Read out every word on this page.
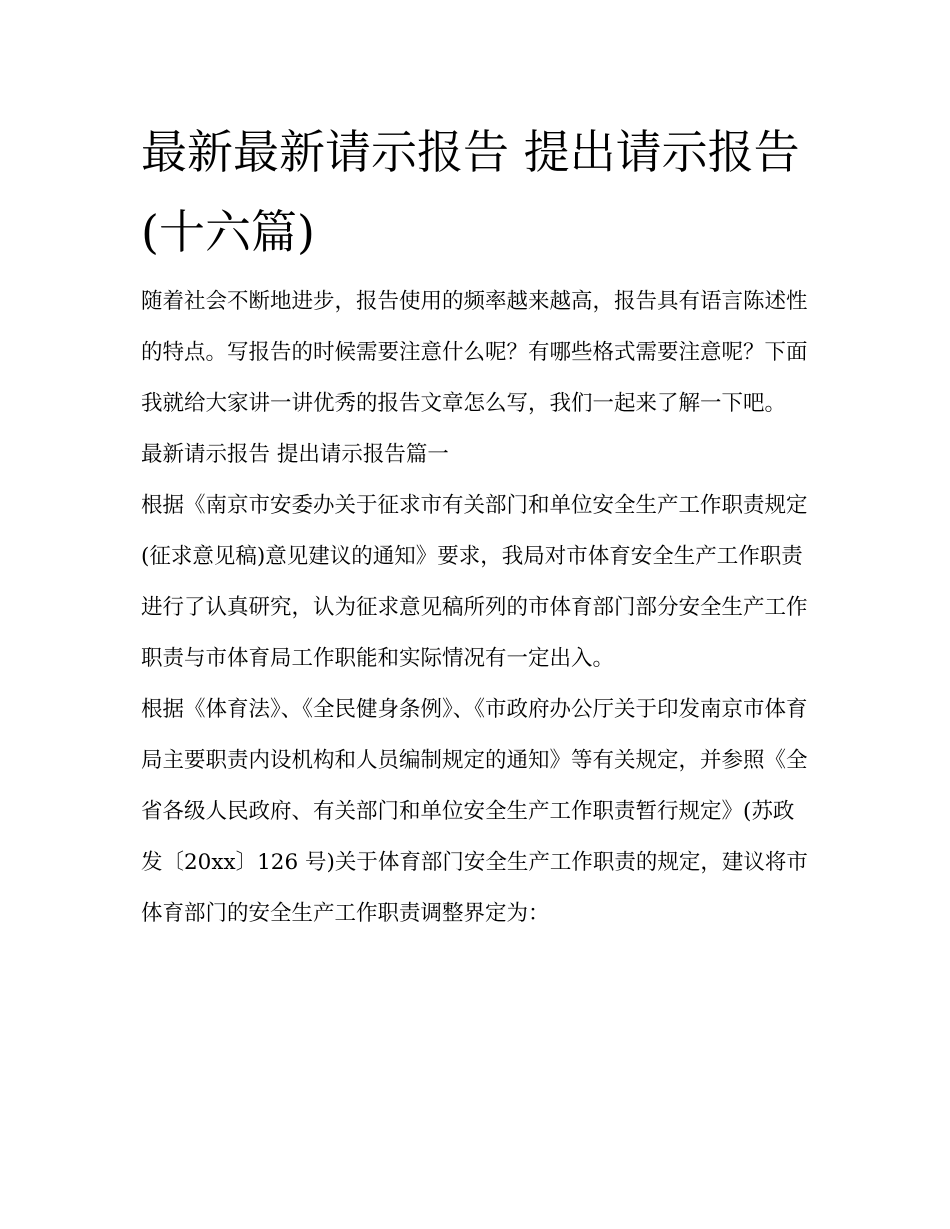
最新最新请示报告 提出请示报告(十六篇)

随着社会不断地进步，报告使用的频率越来越高，报告具有语言陈述性的特点。写报告的时候需要注意什么呢？有哪些格式需要注意呢？下面我就给大家讲一讲优秀的报告文章怎么写，我们一起来了解一下吧。

最新请示报告 提出请示报告篇一

根据《南京市安委办关于征求市有关部门和单位安全生产工作职责规定(征求意见稿)意见建议的通知》要求，我局对市体育安全生产工作职责进行了认真研究，认为征求意见稿所列的市体育部门部分安全生产工作职责与市体育局工作职能和实际情况有一定出入。

根据《体育法》、《全民健身条例》、《市政府办公厅关于印发南京市体育局主要职责内设机构和人员编制规定的通知》等有关规定，并参照《全省各级人民政府、有关部门和单位安全生产工作职责暂行规定》(苏政发〔20xx〕126 号)关于体育部门安全生产工作职责的规定，建议将市体育部门的安全生产工作职责调整界定为：
